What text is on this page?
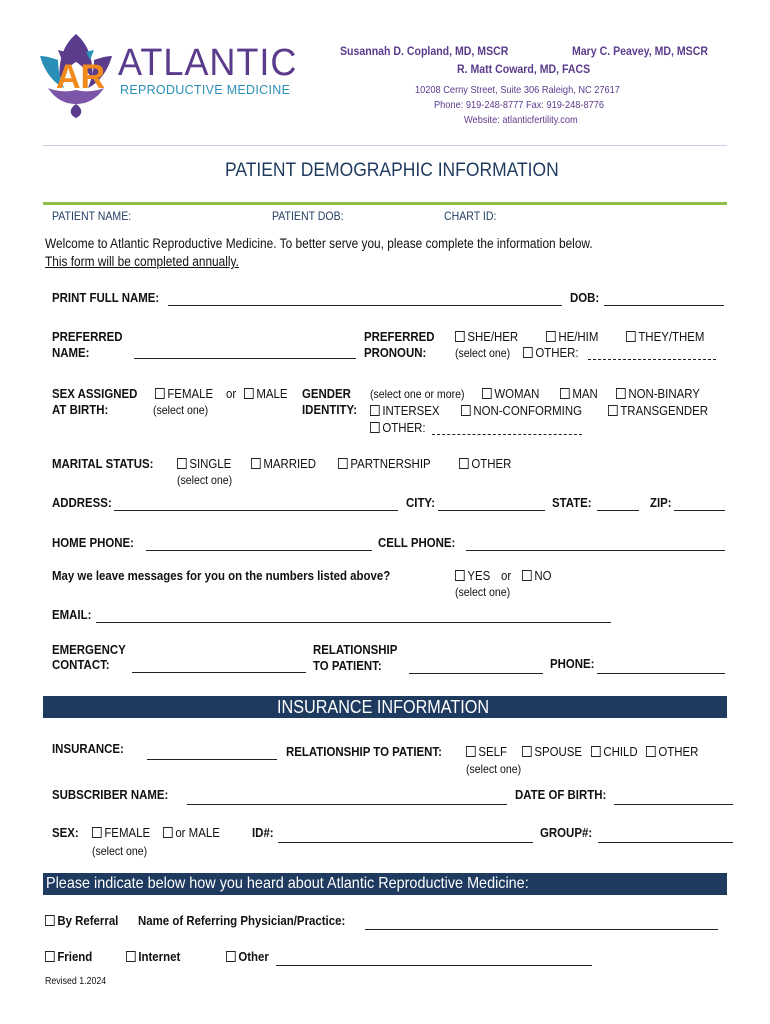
AR ATLANTIC
REPRODUCTIVE MEDICINE
Susannah D. Copland, MD, MSCR	Mary C. Peavey, MD, MSCR
R. Matt Coward, MD, FACS
10208 Cerny Street, Suite 306 Raleigh, NC 27617
Phone: 919-248-8777 Fax: 919-248-8776
Website: atlanticfertility.com
PATIENT DEMOGRAPHIC INFORMATION
PATIENT NAME:	PATIENT DOB:	CHART ID:
Welcome to Atlantic Reproductive Medicine. To better serve you, please complete the information below.
This form will be completed annually.
PRINT FULL NAME:	DOB:
PREFERRED
NAME:
PREFERRED
PRONOUN:
SHE/HER	HE/HIM	THEY/THEM
(select one)	OTHER:
SEX ASSIGNED
AT BIRTH:
FEMALE or	MALE
(select one)
GENDER
IDENTITY:
(select one or more)	WOMAN	MAN	NON-BINARY
INTERSEX	NON-CONFORMING	TRANSGENDER
OTHER:
MARITAL STATUS:	SINGLE	MARRIED	PARTNERSHIP	OTHER
(select one)
ADDRESS:	CITY:	STATE:	ZIP:
HOME PHONE:	CELL PHONE:
May we leave messages for you on the numbers listed above?	YES or	NO
(select one)
EMAIL:
EMERGENCY
CONTACT:
RELATIONSHIP
TO PATIENT:	PHONE:
INSURANCE INFORMATION
INSURANCE:	RELATIONSHIP TO PATIENT:	SELF	SPOUSE	CHILD	OTHER
(select one)
SUBSCRIBER NAME:	DATE OF BIRTH:
SEX:	FEMALE	or MALE
(select one)
ID#:	GROUP#:
Please indicate below how you heard about Atlantic Reproductive Medicine:
By Referral Name of Referring Physician/Practice:
Friend	Internet	Other
Revised 1.2024
